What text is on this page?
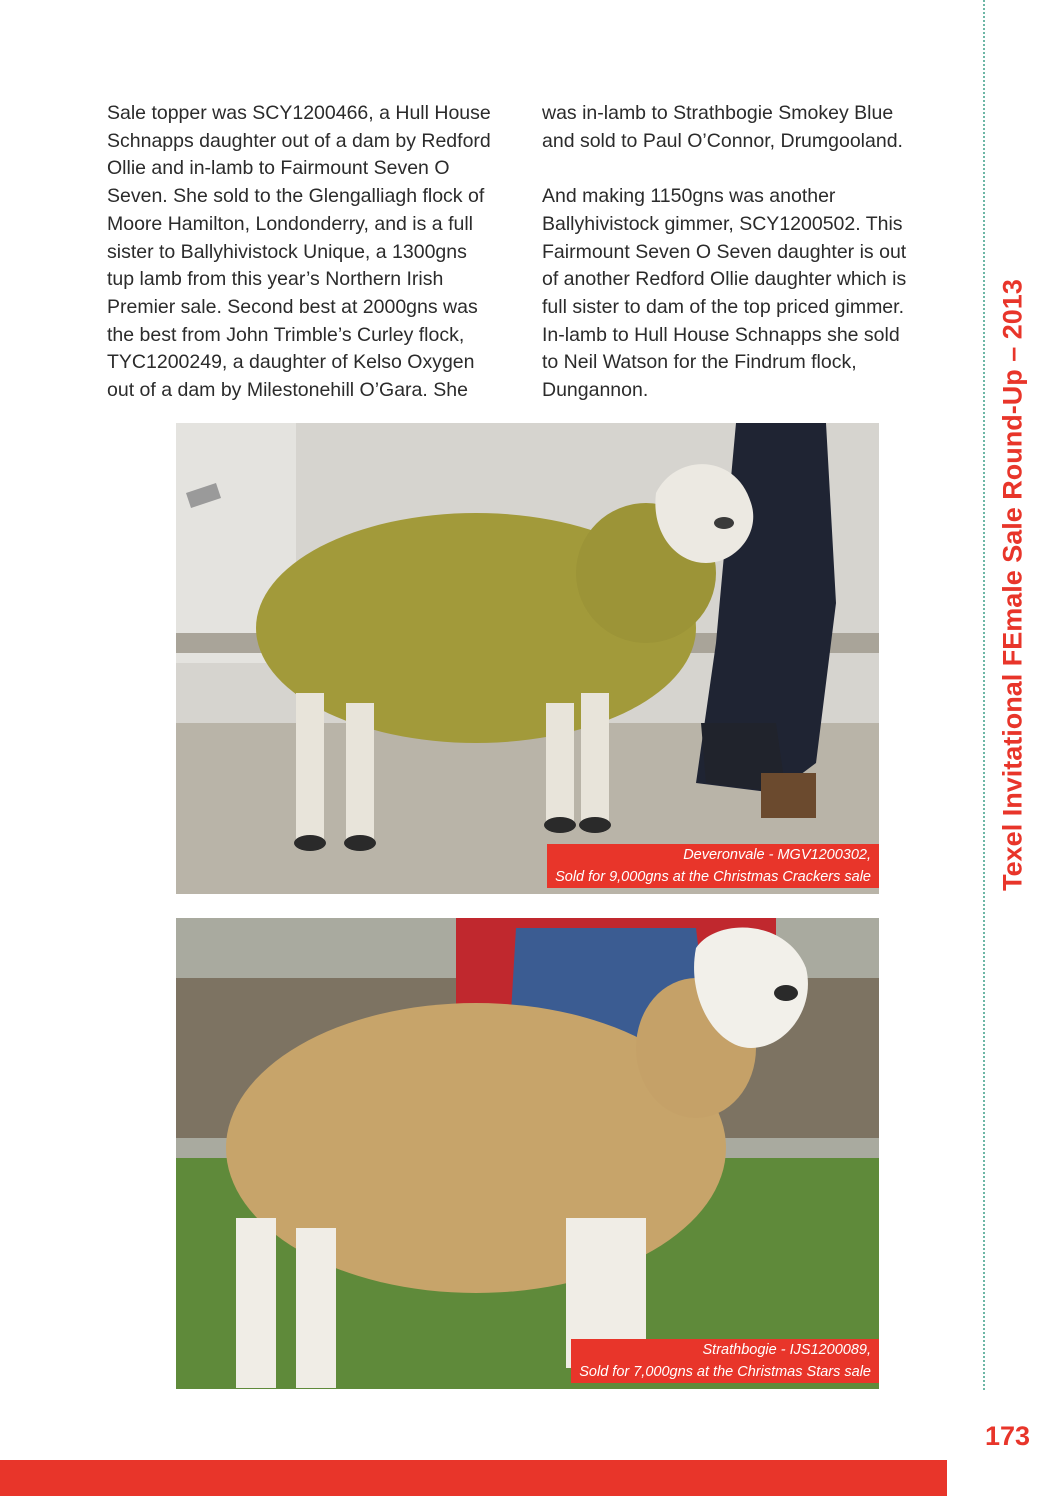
Sale topper was SCY1200466, a Hull House
Schnapps daughter out of a dam by Redford
Ollie and in-lamb to Fairmount Seven O
Seven. She sold to the Glengalliagh flock of
Moore Hamilton, Londonderry, and is a full
sister to Ballyhivistock Unique, a 1300gns
tup lamb from this year’s Northern Irish
Premier sale. Second best at 2000gns was
the best from John Trimble’s Curley flock,
TYC1200249, a daughter of Kelso Oxygen
out of a dam by Milestonehill O’Gara. She

was in-lamb to Strathbogie Smokey Blue
and sold to Paul O’Connor, Drumgooland.

And making 1150gns was another
Ballyhivistock gimmer, SCY1200502. This
Fairmount Seven O Seven daughter is out
of another Redford Ollie daughter which is
full sister to dam of the top priced gimmer.
In-lamb to Hull House Schnapps she sold
to Neil Watson for the Findrum flock,
Dungannon.

Deveronvale - MGV1200302,
Sold for 9,000gns at the Christmas Crackers sale
Strathbogie - IJS1200089,
Sold for 7,000gns at the Christmas Stars sale
Texel Invitational FEmale Sale Round-Up – 2013
173
